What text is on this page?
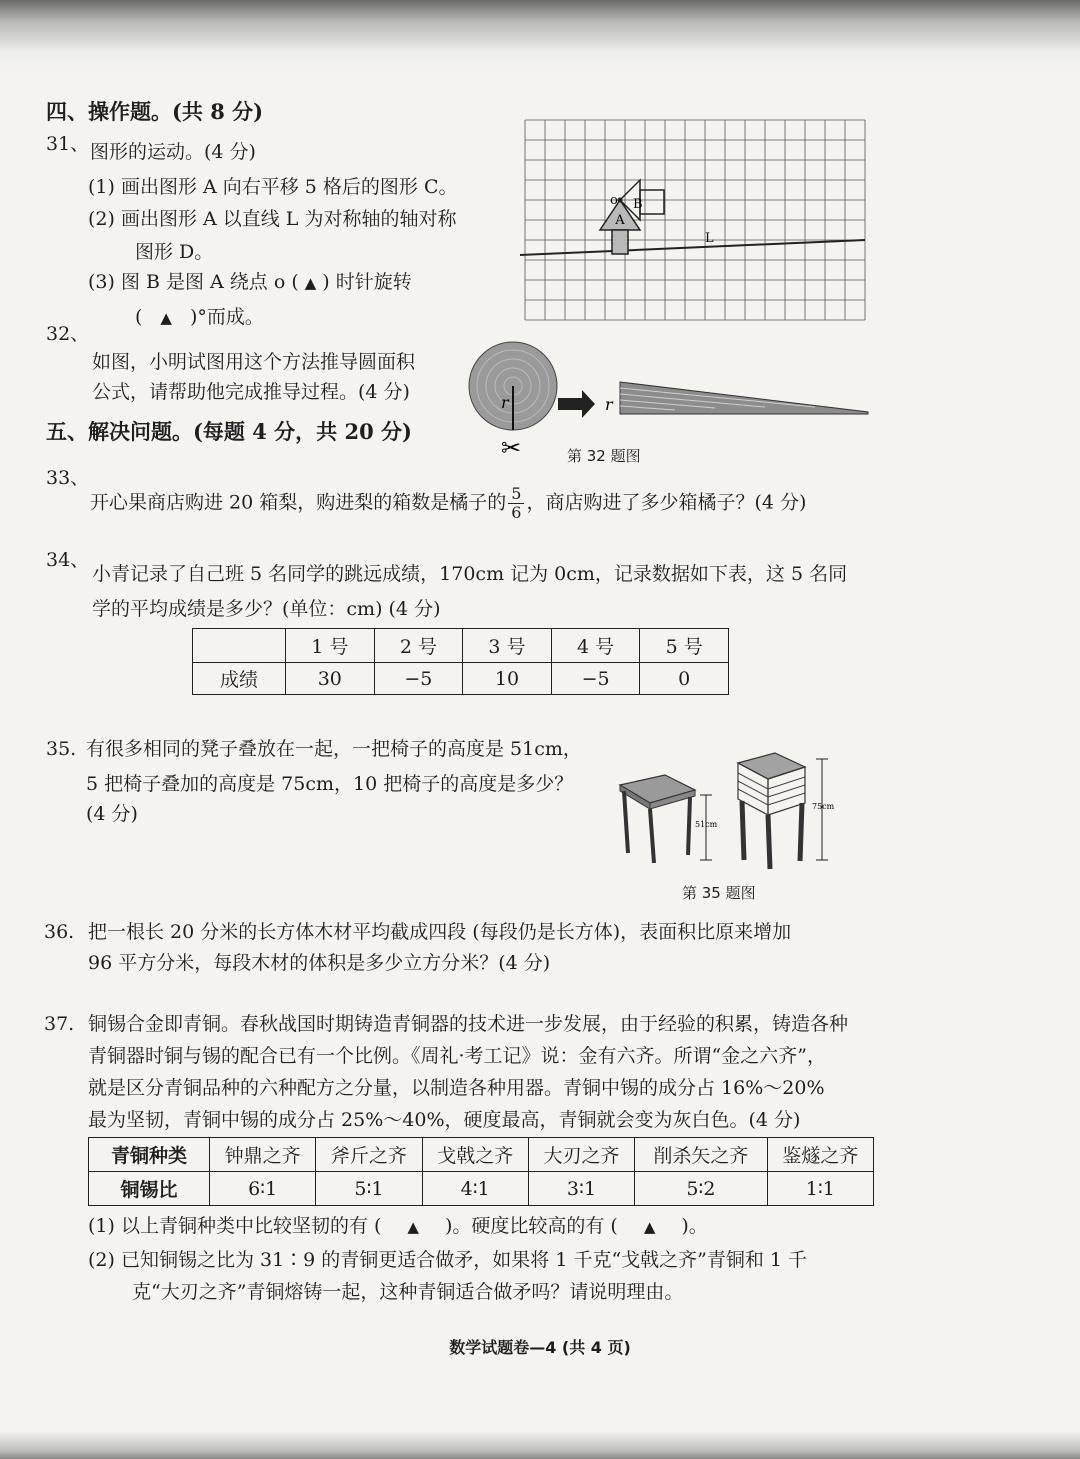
四、操作题。(共 8 分)
31、 图形的运动。(4 分)
(1) 画出图形 A 向右平移 5 格后的图形 C。
(2) 画出图形 A 以直线 L 为对称轴的轴对称
图形 D。
(3) 图 B 是图 A 绕点 o ( ▲ ) 时针旋转
( ▲ )°而成。
A
B
o
L
32、
如图，小明试图用这个方法推导圆面积
公式，请帮助他完成推导过程。(4 分)	r
✂
r
第 32 题图
五、解决问题。(每题 4 分，共 20 分)
33、
开心果商店购进 20 箱梨，购进梨的箱数是橘子的 $\frac{5}{6}$ ，商店购进了多少箱橘子？(4 分)
34、
小青记录了自己班 5 名同学的跳远成绩，170cm 记为 0cm，记录数据如下表，这 5 名同
学的平均成绩是多少？(单位：cm) (4 分)
	1 号	2 号	3 号	4 号	5 号
成绩	30	−5	10	−5	0
35. 有很多相同的凳子叠放在一起，一把椅子的高度是 51cm，
5 把椅子叠加的高度是 75cm，10 把椅子的高度是多少？
(4 分)	51cm
75cm
第 35 题图
36. 把一根长 20 分米的长方体木材平均截成四段 (每段仍是长方体)，表面积比原来增加
96 平方分米，每段木材的体积是多少立方分米？(4 分)
37. 铜锡合金即青铜。春秋战国时期铸造青铜器的技术进一步发展，由于经验的积累，铸造各种
青铜器时铜与锡的配合已有一个比例。《周礼·考工记》说：金有六齐。所谓“金之六齐”，
就是区分青铜品种的六种配方之分量，以制造各种用器。青铜中锡的成分占 16%～20%
最为坚韧，青铜中锡的成分占 25%～40%，硬度最高，青铜就会变为灰白色。(4 分)
青铜种类	钟鼎之齐	斧斤之齐	戈戟之齐	大刃之齐	削杀矢之齐	鉴燧之齐
铜锡比	6∶1	5∶1	4∶1	3∶1	5∶2	1∶1
(1) 以上青铜种类中比较坚韧的有 ( ▲ )。硬度比较高的有 ( ▲ )。
(2) 已知铜锡之比为 31∶9 的青铜更适合做矛，如果将 1 千克“戈戟之齐”青铜和 1 千
克“大刃之齐”青铜熔铸一起，这种青铜适合做矛吗？请说明理由。
数学试题卷—4 (共 4 页)
